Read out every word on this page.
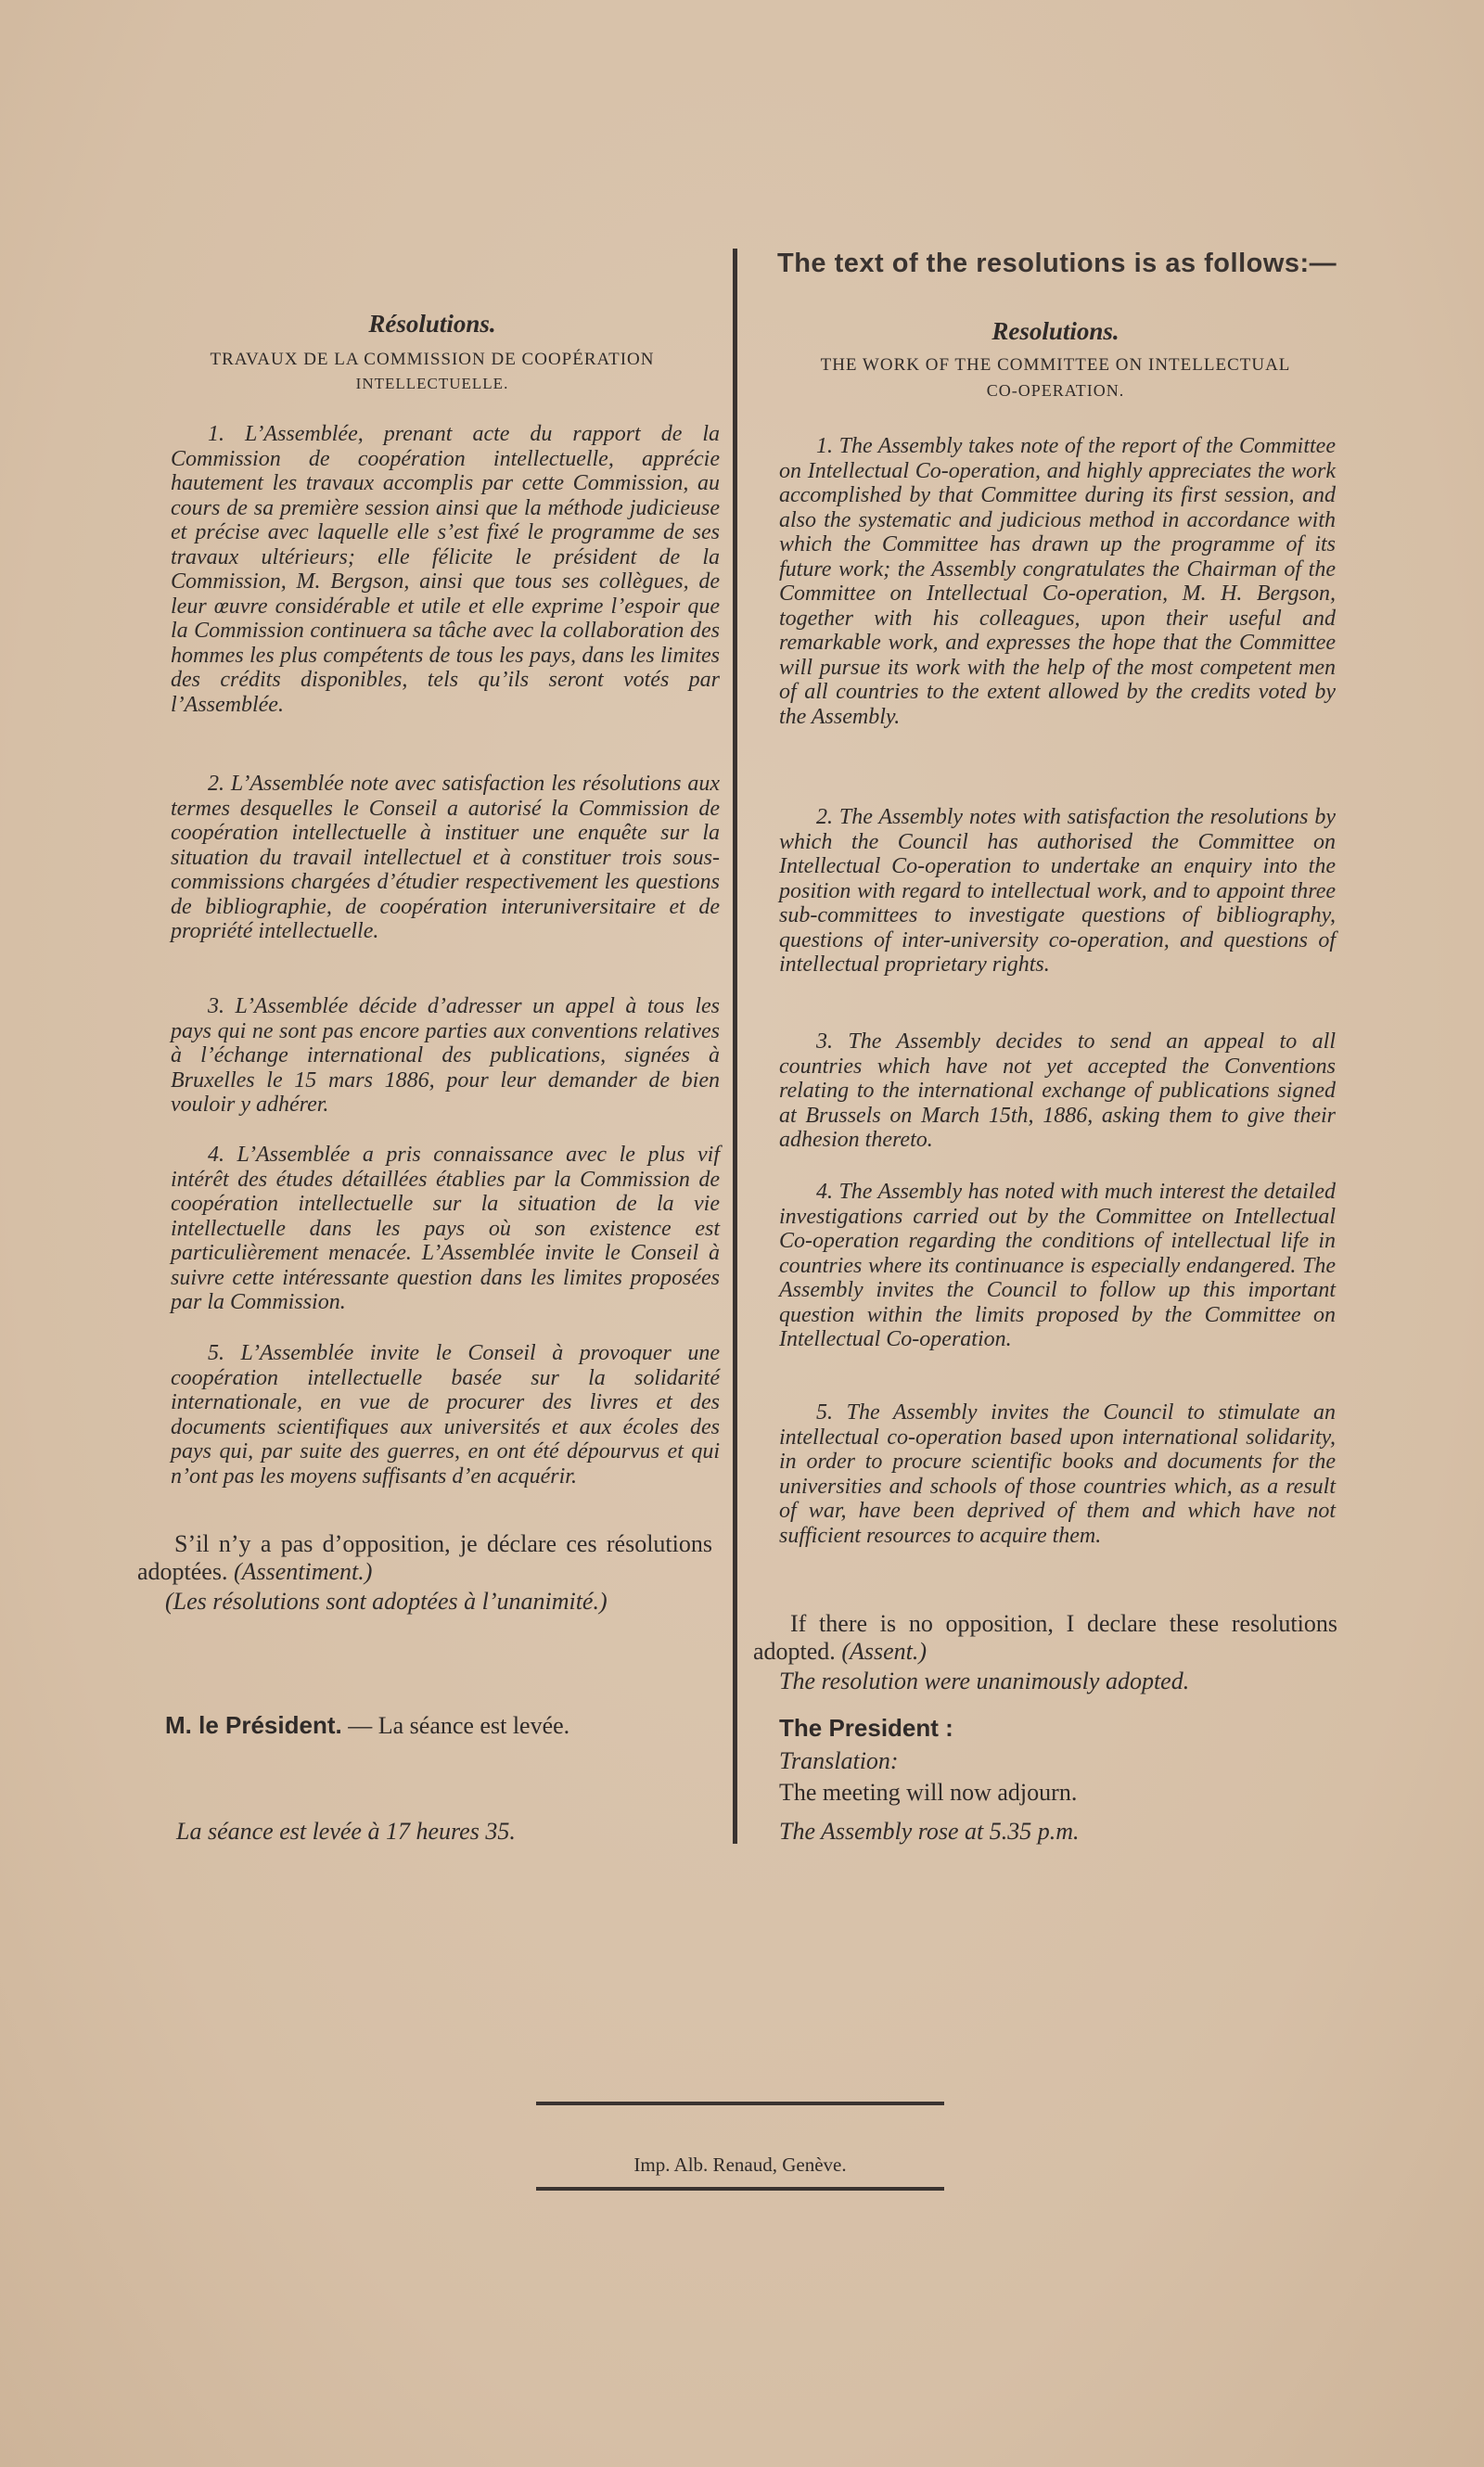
The text of the resolutions is as follows:—
Résolutions.
TRAVAUX DE LA COMMISSION DE COOPÉRATION
INTELLECTUELLE.

1. L’Assemblée, prenant acte du rapport de la Commission de coopération intellectuelle, apprécie hautement les travaux accomplis par cette Commission, au cours de sa première session ainsi que la méthode judicieuse et précise avec laquelle elle s’est fixé le programme de ses travaux ultérieurs; elle félicite le président de la Commission, M. Bergson, ainsi que tous ses collègues, de leur œuvre considérable et utile et elle exprime l’espoir que la Commission continuera sa tâche avec la collaboration des hommes les plus compétents de tous les pays, dans les limites des crédits disponibles, tels qu’ils seront votés par l’Assemblée.

2. L’Assemblée note avec satisfaction les résolutions aux termes desquelles le Conseil a autorisé la Commission de coopération intellectuelle à instituer une enquête sur la situation du travail intellectuel et à constituer trois sous-commissions chargées d’étudier respectivement les questions de bibliographie, de coopération interuniversitaire et de propriété intellectuelle.

3. L’Assemblée décide d’adresser un appel à tous les pays qui ne sont pas encore parties aux conventions relatives à l’échange international des publications, signées à Bruxelles le 15 mars 1886, pour leur demander de bien vouloir y adhérer.

4. L’Assemblée a pris connaissance avec le plus vif intérêt des études détaillées établies par la Commission de coopération intellectuelle sur la situation de la vie intellectuelle dans les pays où son existence est particulièrement menacée. L’Assemblée invite le Conseil à suivre cette intéressante question dans les limites proposées par la Commission.

5. L’Assemblée invite le Conseil à provoquer une coopération intellectuelle basée sur la solidarité internationale, en vue de procurer des livres et des documents scientifiques aux universités et aux écoles des pays qui, par suite des guerres, en ont été dépourvus et qui n’ont pas les moyens suffisants d’en acquérir.

S’il n’y a pas d’opposition, je déclare ces résolutions adoptées. (Assentiment.)

(Les résolutions sont adoptées à l’unanimité.)

M. le Président. — La séance est levée.

La séance est levée à 17 heures 35.

Resolutions.
THE WORK OF THE COMMITTEE ON INTELLECTUAL
CO-OPERATION.

1. The Assembly takes note of the report of the Committee on Intellectual Co-operation, and highly appreciates the work accomplished by that Committee during its first session, and also the systematic and judicious method in accordance with which the Committee has drawn up the programme of its future work; the Assembly congratulates the Chairman of the Committee on Intellectual Co-operation, M. H. Bergson, together with his colleagues, upon their useful and remarkable work, and expresses the hope that the Committee will pursue its work with the help of the most competent men of all countries to the extent allowed by the credits voted by the Assembly.

2. The Assembly notes with satisfaction the resolutions by which the Council has authorised the Committee on Intellectual Co-operation to undertake an enquiry into the position with regard to intellectual work, and to appoint three sub-committees to investigate questions of bibliography, questions of inter-university co-operation, and questions of intellectual proprietary rights.

3. The Assembly decides to send an appeal to all countries which have not yet accepted the Conventions relating to the international exchange of publications signed at Brussels on March 15th, 1886, asking them to give their adhesion thereto.

4. The Assembly has noted with much interest the detailed investigations carried out by the Committee on Intellectual Co-operation regarding the conditions of intellectual life in countries where its continuance is especially endangered. The Assembly invites the Council to follow up this important question within the limits proposed by the Committee on Intellectual Co-operation.

5. The Assembly invites the Council to stimulate an intellectual co-operation based upon international solidarity, in order to procure scientific books and documents for the universities and schools of those countries which, as a result of war, have been deprived of them and which have not sufficient resources to acquire them.

If there is no opposition, I declare these resolutions adopted. (Assent.)

The resolution were unanimously adopted.

The President :

Translation:

The meeting will now adjourn.

The Assembly rose at 5.35 p.m.

Imp. Alb. Renaud, Genève.
